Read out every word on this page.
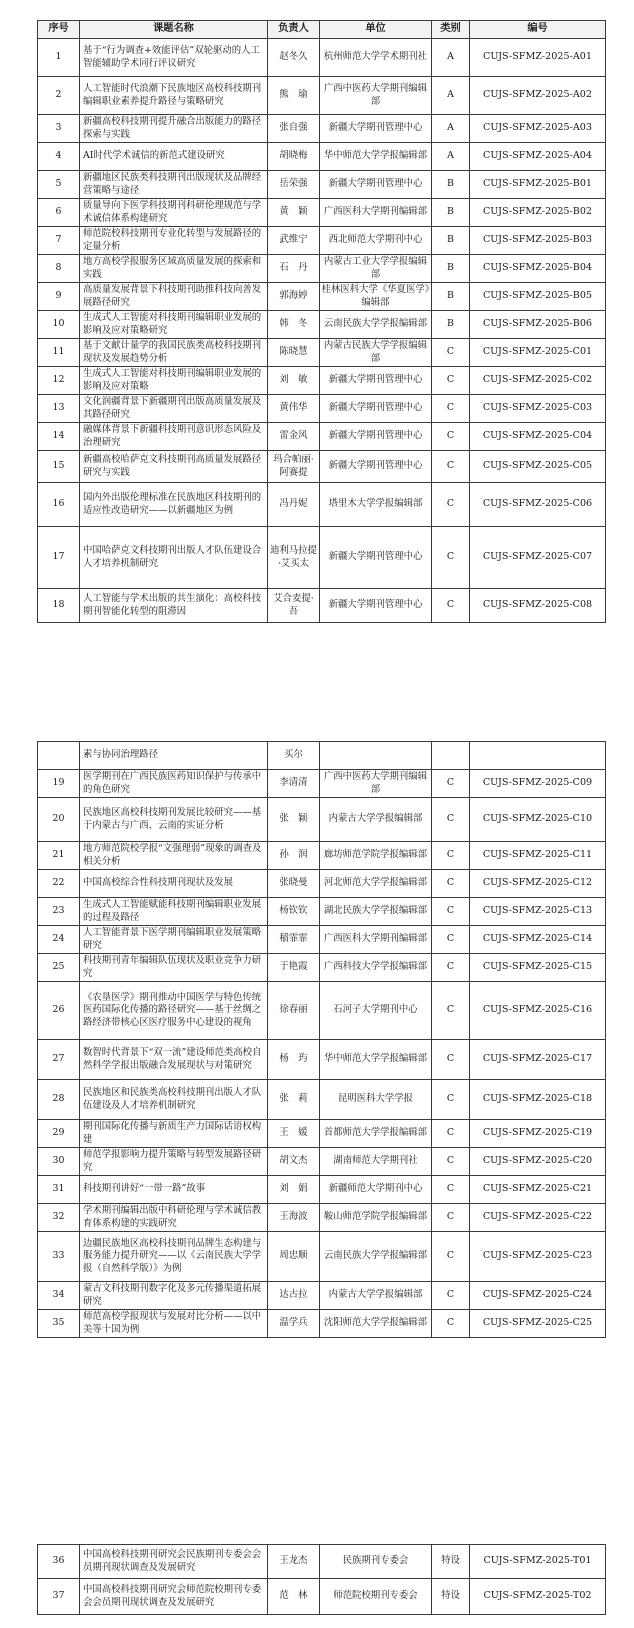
序号	课题名称	负责人	单位	类别	编号
1	基于“行为调查+效能评估”双轮驱动的人工智能辅助学术同行评议研究	赵冬久	杭州师范大学学术期刊社	A	CUJS-SFMZ-2025-A01
2	人工智能时代浪潮下民族地区高校科技期刊编辑职业素养提升路径与策略研究	熊　瑜	广西中医药大学期刊编辑部	A	CUJS-SFMZ-2025-A02
3	新疆高校科技期刊提升融合出版能力的路径探索与实践	张自强	新疆大学期刊管理中心	A	CUJS-SFMZ-2025-A03
4	AI时代学术诚信的新范式建设研究	胡晓梅	华中师范大学学报编辑部	A	CUJS-SFMZ-2025-A04
5	新疆地区民族类科技期刊出版现状及品牌经营策略与途径	岳荣强	新疆大学期刊管理中心	B	CUJS-SFMZ-2025-B01
6	质量导向下医学科技期刊科研伦理规范与学术诚信体系构建研究	黄　颖	广西医科大学期刊编辑部	B	CUJS-SFMZ-2025-B02
7	师范院校科技期刊专业化转型与发展路径的定量分析	武维宁	西北师范大学期刊中心	B	CUJS-SFMZ-2025-B03
8	地方高校学报服务区域高质量发展的探索和实践	石　丹	内蒙古工业大学学报编辑部	B	CUJS-SFMZ-2025-B04
9	高质量发展背景下科技期刊助推科技向善发展路径研究	郭海婷	桂林医科大学《华夏医学》编辑部	B	CUJS-SFMZ-2025-B05
10	生成式人工智能对科技期刊编辑职业发展的影响及应对策略研究	韩　冬	云南民族大学学报编辑部	B	CUJS-SFMZ-2025-B06
11	基于文献计量学的我国民族类高校科技期刊现状及发展趋势分析	陈晓慧	内蒙古民族大学学报编辑部	C	CUJS-SFMZ-2025-C01
12	生成式人工智能对科技期刊编辑职业发展的影响及应对策略	刘　敏	新疆大学期刊管理中心	C	CUJS-SFMZ-2025-C02
13	文化润疆背景下新疆期刊出版高质量发展及其路径研究	黄伟华	新疆大学期刊管理中心	C	CUJS-SFMZ-2025-C03
14	融媒体背景下新疆科技期刊意识形态风险及治理研究	雷金风	新疆大学期刊管理中心	C	CUJS-SFMZ-2025-C04
15	新疆高校哈萨克文科技期刊高质量发展路径研究与实践	玛合帕丽·阿赛提	新疆大学期刊管理中心	C	CUJS-SFMZ-2025-C05
16	国内外出版伦理标准在民族地区科技期刊的适应性改造研究——以新疆地区为例	冯丹妮	塔里木大学学报编辑部	C	CUJS-SFMZ-2025-C06
17	中国哈萨克文科技期刊出版人才队伍建设合人才培养机制研究	迪利马拉提·艾买太	新疆大学期刊管理中心	C	CUJS-SFMZ-2025-C07
18	人工智能与学术出版的共生演化：高校科技期刊智能化转型的阻滞因	艾合麦提·吾	新疆大学期刊管理中心	C	CUJS-SFMZ-2025-C08
	素与协同治理路径	买尔			
19	医学期刊在广西民族医药知识保护与传承中的角色研究	李清清	广西中医药大学期刊编辑部	C	CUJS-SFMZ-2025-C09
20	民族地区高校科技期刊发展比较研究——基于内蒙古与广西、云南的实证分析	张　颖	内蒙古大学学报编辑部	C	CUJS-SFMZ-2025-C10
21	地方师范院校学报“文强理弱”现象的调查及相关分析	孙　润	廊坊师范学院学报编辑部	C	CUJS-SFMZ-2025-C11
22	中国高校综合性科技期刊现状及发展	张晓曼	河北师范大学学报编辑部	C	CUJS-SFMZ-2025-C12
23	生成式人工智能赋能科技期刊编辑职业发展的过程及路径	杨钦钦	湖北民族大学学报编辑部	C	CUJS-SFMZ-2025-C13
24	人工智能背景下医学期刊编辑职业发展策略研究	稲霏霏	广西医科大学期刊编辑部	C	CUJS-SFMZ-2025-C14
25	科技期刊青年编辑队伍现状及职业竞争力研究	于艳霞	广西科技大学学报编辑部	C	CUJS-SFMZ-2025-C15
26	《农垦医学》期刊推动中国医学与特色传统医药国际化传播的路径研究——基于丝绸之路经济带核心区医疗服务中心建设的视角	徐春丽	石河子大学期刊中心	C	CUJS-SFMZ-2025-C16
27	数智时代背景下“双一流”建设师范类高校自然科学学报出版融合发展现状与对策研究	杨　玙	华中师范大学学报编辑部	C	CUJS-SFMZ-2025-C17
28	民族地区和民族类高校科技期刊出版人才队伍建设及人才培养机制研究	张　莉	昆明医科大学学报	C	CUJS-SFMZ-2025-C18
29	期刊国际化传播与新质生产力国际话语权构建	王　媛	首都师范大学学报编辑部	C	CUJS-SFMZ-2025-C19
30	师范学报影响力提升策略与转型发展路径研究	胡文杰	湖南师范大学期刊社	C	CUJS-SFMZ-2025-C20
31	科技期刊讲好“一带一路”故事	刘　娟	新疆师范大学期刊中心	C	CUJS-SFMZ-2025-C21
32	学术期刊编辑出版中科研伦理与学术诚信教育体系构建的实践研究	王海波	鞍山师范学院学报编辑部	C	CUJS-SFMZ-2025-C22
33	边疆民族地区高校科技期刊品牌生态构建与服务能力提升研究——以《云南民族大学学报（自然科学版）》为例	周忠顺	云南民族大学学报编辑部	C	CUJS-SFMZ-2025-C23
34	蒙古文科技期刊数字化及多元传播渠道拓展研究	达古拉	内蒙古大学学报编辑部	C	CUJS-SFMZ-2025-C24
35	师范高校学报现状与发展对比分析——以中美等十国为例	温学兵	沈阳师范大学学报编辑部	C	CUJS-SFMZ-2025-C25
36	中国高校科技期刊研究会民族期刊专委会会员期刊现状调查及发展研究	王龙杰	民族期刊专委会	特设	CUJS-SFMZ-2025-T01
37	中国高校科技期刊研究会师范院校期刊专委会会员期刊现状调查及发展研究	范　林	师范院校期刊专委会	特设	CUJS-SFMZ-2025-T02
